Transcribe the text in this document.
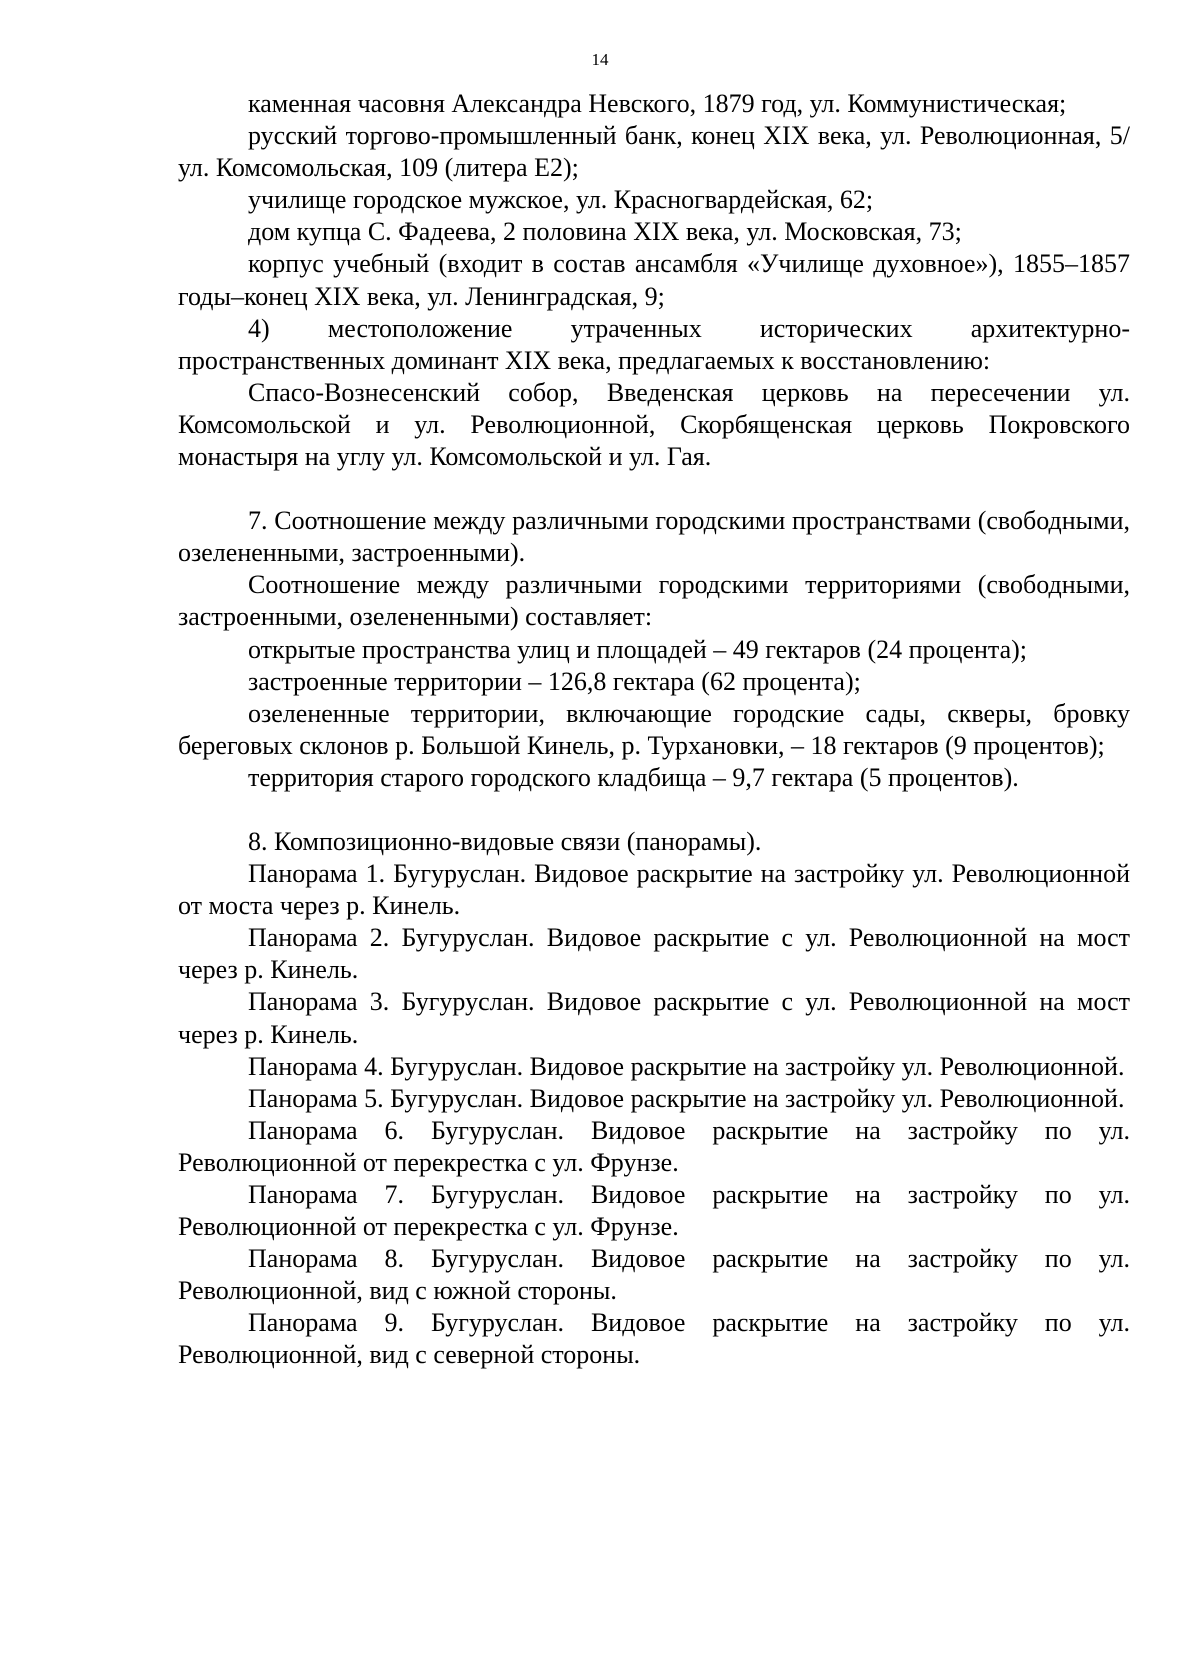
14

каменная часовня Александра Невского, 1879 год, ул. Коммунистическая;

русский торгово-промышленный банк, конец XIX века, ул. Революционная, 5/ул. Комсомольская, 109 (литера Е2);

училище городское мужское, ул. Красногвардейская, 62;

дом купца С. Фадеева, 2 половина XIX века, ул. Московская, 73;

корпус учебный (входит в состав ансамбля «Училище духовное»), 1855–1857 годы–конец XIX века, ул. Ленинградская, 9;

4) местоположение утраченных исторических архитектурно-пространственных доминант XIX века, предлагаемых к восстановлению:

Спасо-Вознесенский собор, Введенская церковь на пересечении ул. Комсомольской и ул. Революционной, Скорбященская церковь Покровского монастыря на углу ул. Комсомольской и ул. Гая.

7. Соотношение между различными городскими пространствами (свободными, озелененными, застроенными).

Соотношение между различными городскими территориями (свободными, застроенными, озелененными) составляет:

открытые пространства улиц и площадей – 49 гектаров (24 процента);

застроенные территории – 126,8 гектара (62 процента);

озелененные территории, включающие городские сады, скверы, бровку береговых склонов р. Большой Кинель, р. Турхановки, – 18 гектаров (9 процентов);

территория старого городского кладбища – 9,7 гектара (5 процентов).

8. Композиционно-видовые связи (панорамы).

Панорама 1. Бугуруслан. Видовое раскрытие на застройку ул. Революционной от моста через р. Кинель.

Панорама 2. Бугуруслан. Видовое раскрытие с ул. Революционной на мост через р. Кинель.

Панорама 3. Бугуруслан. Видовое раскрытие с ул. Революционной на мост через р. Кинель.

Панорама 4. Бугуруслан. Видовое раскрытие на застройку ул. Революционной.

Панорама 5. Бугуруслан. Видовое раскрытие на застройку ул. Революционной.

Панорама 6. Бугуруслан. Видовое раскрытие на застройку по ул. Революционной от перекрестка с ул. Фрунзе.

Панорама 7. Бугуруслан. Видовое раскрытие на застройку по ул. Революционной от перекрестка с ул. Фрунзе.

Панорама 8. Бугуруслан. Видовое раскрытие на застройку по ул. Революционной, вид с южной стороны.

Панорама 9. Бугуруслан. Видовое раскрытие на застройку по ул. Революционной, вид с северной стороны.
